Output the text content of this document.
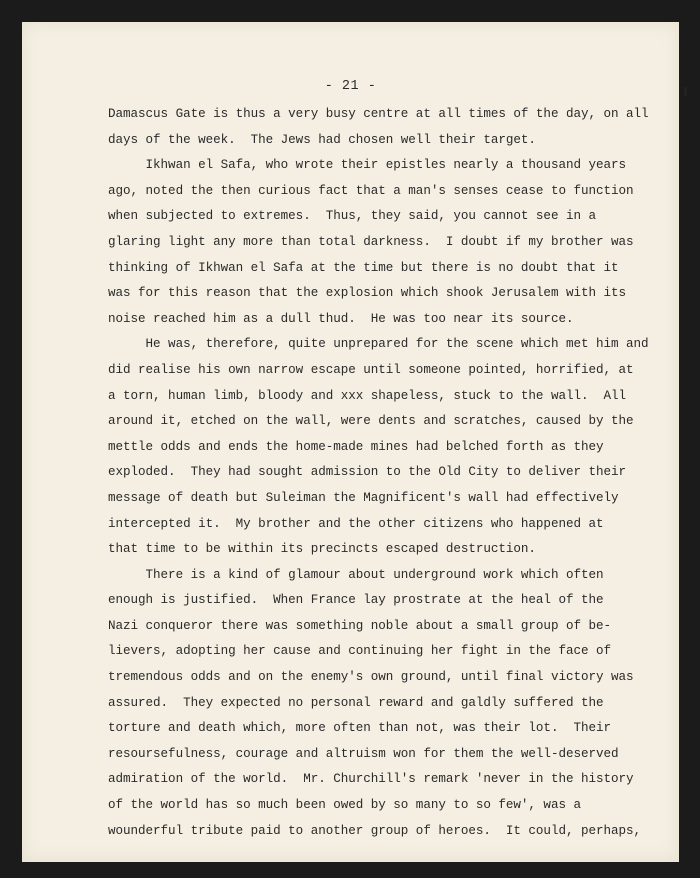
- 21 -
Damascus Gate is thus a very busy centre at all times of the day, on all
days of the week.  The Jews had chosen well their target.
Ikhwan el Safa, who wrote their epistles nearly a thousand years
ago, noted the then curious fact that a man's senses cease to function
when subjected to extremes.  Thus, they said, you cannot see in a
glaring light any more than total darkness.  I doubt if my brother was
thinking of Ikhwan el Safa at the time but there is no doubt that it
was for this reason that the explosion which shook Jerusalem with its
noise reached him as a dull thud.  He was too near its source.
He was, therefore, quite unprepared for the scene which met him and
did realise his own narrow escape until someone pointed, horrified, at
a torn, human limb, bloody and xxx shapeless, stuck to the wall.  All
around it, etched on the wall, were dents and scratches, caused by the
mettle odds and ends the home-made mines had belched forth as they
exploded.  They had sought admission to the Old City to deliver their
message of death but Suleiman the Magnificent's wall had effectively
intercepted it.  My brother and the other citizens who happened at
that time to be within its precincts escaped destruction.
There is a kind of glamour about underground work which often
enough is justified.  When France lay prostrate at the heal of the
Nazi conqueror there was something noble about a small group of be-
lievers, adopting her cause and continuing her fight in the face of
tremendous odds and on the enemy's own ground, until final victory was
assured.  They expected no personal reward and galdly suffered the
torture and death which, more often than not, was their lot.  Their
resoursefulness, courage and altruism won for them the well-deserved
admiration of the world.  Mr. Churchill's remark 'never in the history
of the world has so much been owed by so many to so few', was a
wounderful tribute paid to another group of heroes.  It could, perhaps,
